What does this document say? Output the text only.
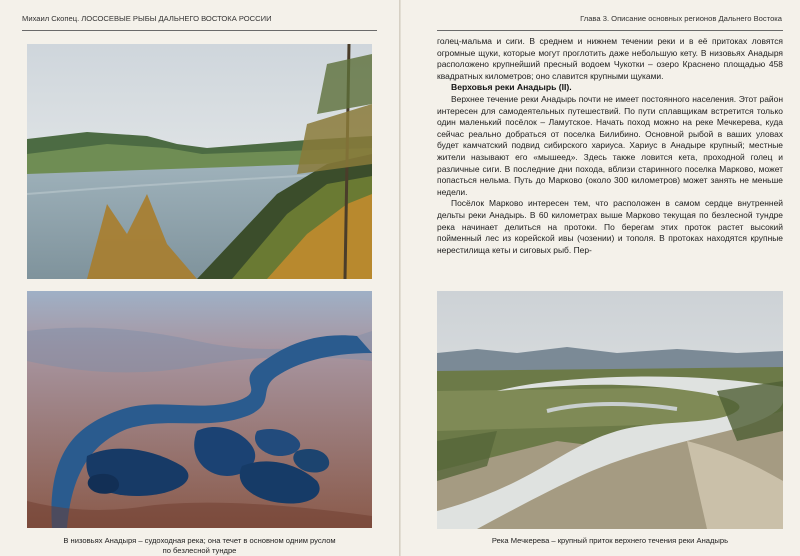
Михаил Скопец. ЛОСОСЕВЫЕ РЫБЫ ДАЛЬНЕГО ВОСТОКА РОССИИ
В низовьях Анадыря – судоходная река; она течет в основном одним руслом
по безлесной тундре
Глава 3. Описание основных регионов Дальнего Востока

голец-мальма и сиги. В среднем и нижнем течении реки и в её притоках ловятся огромные щуки, которые могут проглотить даже небольшую кету. В низовьях Анадыря расположено крупнейший пресный водоем Чукотки – озеро Красненo площадью 458 квадратных километров; оно славится крупными щуками.

Верховья реки Анадырь (II).

Верхнее течение реки Анадырь почти не имеет постоянного населения. Этот район интересен для самодеятельных путешествий. По пути сплавщикам встретится только один маленький посёлок – Ламутское. Начать поход можно на реке Мечкерева, куда сейчас реально добраться от поселка Билибино. Основной рыбой в ваших уловах будет камчатский подвид сибирского хариуса. Хариус в Анадыре крупный; местные жители называют его «мышеед». Здесь также ловится кета, проходной голец и различные сиги. В последние дни похода, вблизи старинного поселка Марково, может попасться нельма. Путь до Марково (около 300 километров) может занять не меньше недели.

Посёлок Марково интересен тем, что расположен в самом сердце внутренней дельты реки Анадырь. В 60 километрах выше Марково текущая по безлесной тундре река начинает делиться на протоки. По берегам этих проток растет высокий пойменный лес из корейской ивы (чозении) и тополя. В протоках находятся крупные нерестилища кеты и сиговых рыб. Пер-

Река Мечкерева – крупный приток верхнего течения реки Анадырь
